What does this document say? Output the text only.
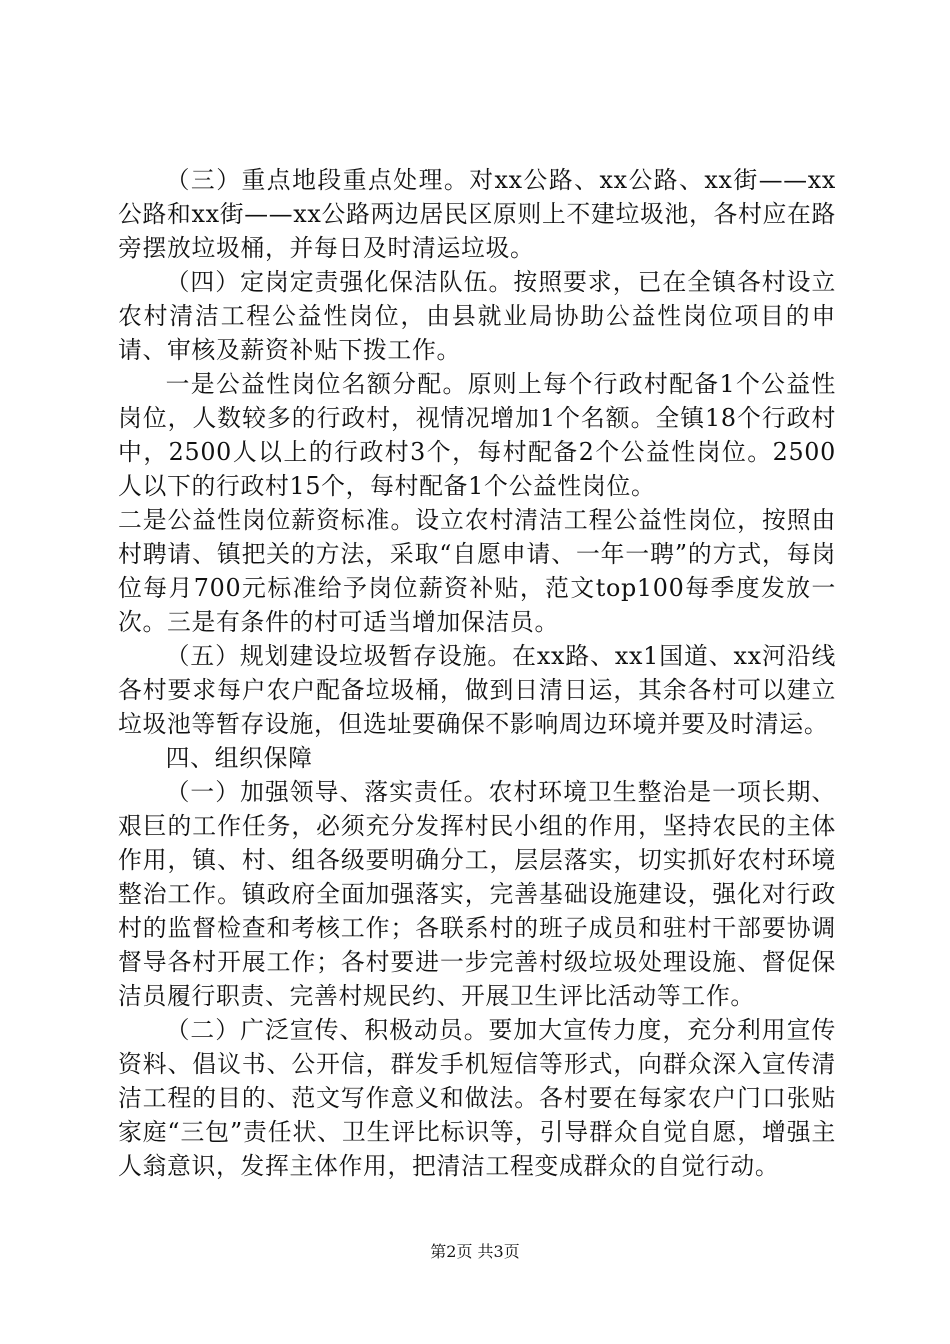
（三）重点地段重点处理。对xx公路、xx公路、xx街——xx公路和xx街——xx公路两边居民区原则上不建垃圾池，各村应在路旁摆放垃圾桶，并每日及时清运垃圾。

（四）定岗定责强化保洁队伍。按照要求，已在全镇各村设立农村清洁工程公益性岗位，由县就业局协助公益性岗位项目的申请、审核及薪资补贴下拨工作。

一是公益性岗位名额分配。原则上每个行政村配备1个公益性岗位，人数较多的行政村，视情况增加1个名额。全镇18个行政村中，2500人以上的行政村3个，每村配备2个公益性岗位。2500人以下的行政村15个，每村配备1个公益性岗位。

二是公益性岗位薪资标准。设立农村清洁工程公益性岗位，按照由村聘请、镇把关的方法，采取“自愿申请、一年一聘”的方式，每岗位每月700元标准给予岗位薪资补贴，范文top100每季度发放一次。三是有条件的村可适当增加保洁员。

（五）规划建设垃圾暂存设施。在xx路、xx1国道、xx河沿线各村要求每户农户配备垃圾桶，做到日清日运，其余各村可以建立垃圾池等暂存设施，但选址要确保不影响周边环境并要及时清运。

四、组织保障

（一）加强领导、落实责任。农村环境卫生整治是一项长期、艰巨的工作任务，必须充分发挥村民小组的作用，坚持农民的主体作用，镇、村、组各级要明确分工，层层落实，切实抓好农村环境整治工作。镇政府全面加强落实，完善基础设施建设，强化对行政村的监督检查和考核工作；各联系村的班子成员和驻村干部要协调督导各村开展工作；各村要进一步完善村级垃圾处理设施、督促保洁员履行职责、完善村规民约、开展卫生评比活动等工作。

（二）广泛宣传、积极动员。要加大宣传力度，充分利用宣传资料、倡议书、公开信，群发手机短信等形式，向群众深入宣传清洁工程的目的、范文写作意义和做法。各村要在每家农户门口张贴家庭“三包”责任状、卫生评比标识等，引导群众自觉自愿，增强主人翁意识，发挥主体作用，把清洁工程变成群众的自觉行动。

第2页 共3页
